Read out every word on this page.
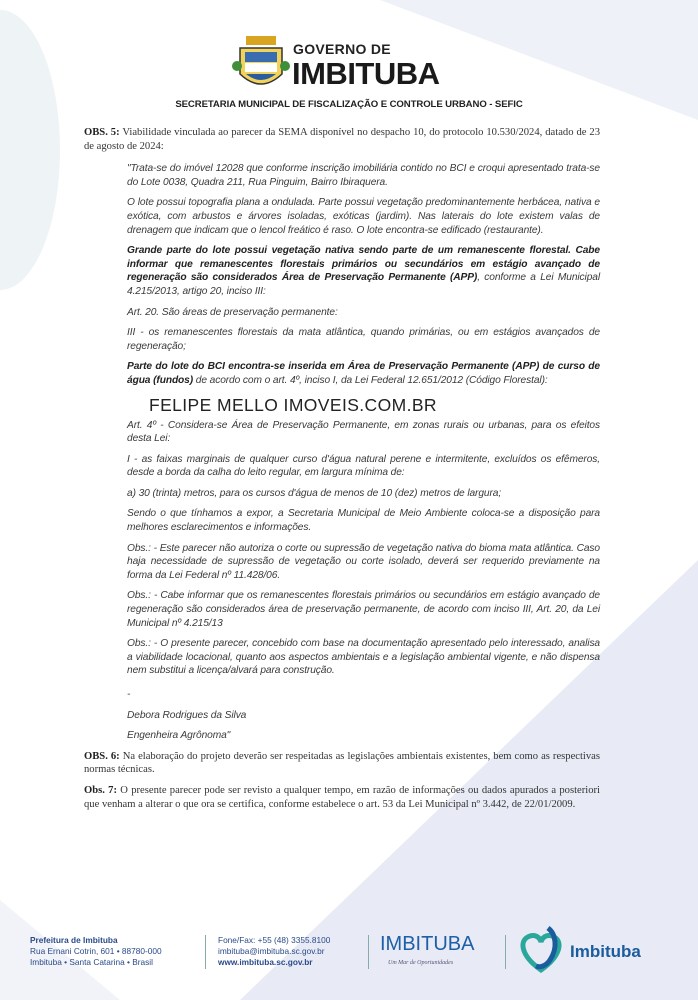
GOVERNO DE
IMBITUBA
SECRETARIA MUNICIPAL DE FISCALIZAÇÃO E CONTROLE URBANO - SEFIC
OBS. 5: Viabilidade vinculada ao parecer da SEMA disponível no despacho 10, do protocolo 10.530/2024, datado de 23 de agosto de 2024:
"Trata-se do imóvel 12028 que conforme inscrição imobiliária contido no BCI e croqui apresentado trata-se do Lote 0038, Quadra 211, Rua Pinguim, Bairro Ibiraquera.
O lote possui topografia plana a ondulada. Parte possui vegetação predominantemente herbácea, nativa e exótica, com arbustos e árvores isoladas, exóticas (jardim). Nas laterais do lote existem valas de drenagem que indicam que o lencol freático é raso. O lote encontra-se edificado (restaurante).
Grande parte do lote possui vegetação nativa sendo parte de um remanescente florestal. Cabe informar que remanescentes florestais primários ou secundários em estágio avançado de regeneração são considerados Área de Preservação Permanente (APP), conforme a Lei Municipal 4.215/2013, artigo 20, inciso III:
Art. 20. São áreas de preservação permanente:
III - os remanescentes florestais da mata atlântica, quando primárias, ou em estágios avançados de regeneração;
Parte do lote do BCI encontra-se inserida em Área de Preservação Permanente (APP) de curso de água (fundos) de acordo com o art. 4º, inciso I, da Lei Federal 12.651/2012 (Código Florestal):
FELIPE MELLO IMOVEIS.COM.BR
Art. 4º - Considera-se Área de Preservação Permanente, em zonas rurais ou urbanas, para os efeitos desta Lei:
I - as faixas marginais de qualquer curso d'água natural perene e intermitente, excluídos os efêmeros, desde a borda da calha do leito regular, em largura mínima de:
a) 30 (trinta) metros, para os cursos d'água de menos de 10 (dez) metros de largura;
Sendo o que tínhamos a expor, a Secretaria Municipal de Meio Ambiente coloca-se a disposição para melhores esclarecimentos e informações.
Obs.: - Este parecer não autoriza o corte ou supressão de vegetação nativa do bioma mata atlântica. Caso haja necessidade de supressão de vegetação ou corte isolado, deverá ser requerido previamente na forma da Lei Federal nº 11.428/06.
Obs.: - Cabe informar que os remanescentes florestais primários ou secundários em estágio avançado de regeneração são considerados área de preservação permanente, de acordo com inciso III, Art. 20, da Lei Municipal nº 4.215/13
Obs.: - O presente parecer, concebido com base na documentação apresentado pelo interessado, analisa a viabilidade locacional, quanto aos aspectos ambientais e a legislação ambiental vigente, e não dispensa nem substitui a licença/alvará para construção.
-
Debora Rodrigues da Silva
Engenheira Agrônoma"
OBS. 6: Na elaboração do projeto deverão ser respeitadas as legislações ambientais existentes, bem como as respectivas normas técnicas.
Obs. 7: O presente parecer pode ser revisto a qualquer tempo, em razão de informações ou dados apurados a posteriori que venham a alterar o que ora se certifica, conforme estabelece o art. 53 da Lei Municipal nº 3.442, de 22/01/2009.
Prefeitura de Imbituba
Rua Ernani Cotrin, 601 • 88780-000
Imbituba • Santa Catarina • Brasil
Fone/Fax: +55 (48) 3355.8100
imbituba@imbituba.sc.gov.br
www.imbituba.sc.gov.br
IMBITUBA
Um Mar de Oportunidades
Imbituba
